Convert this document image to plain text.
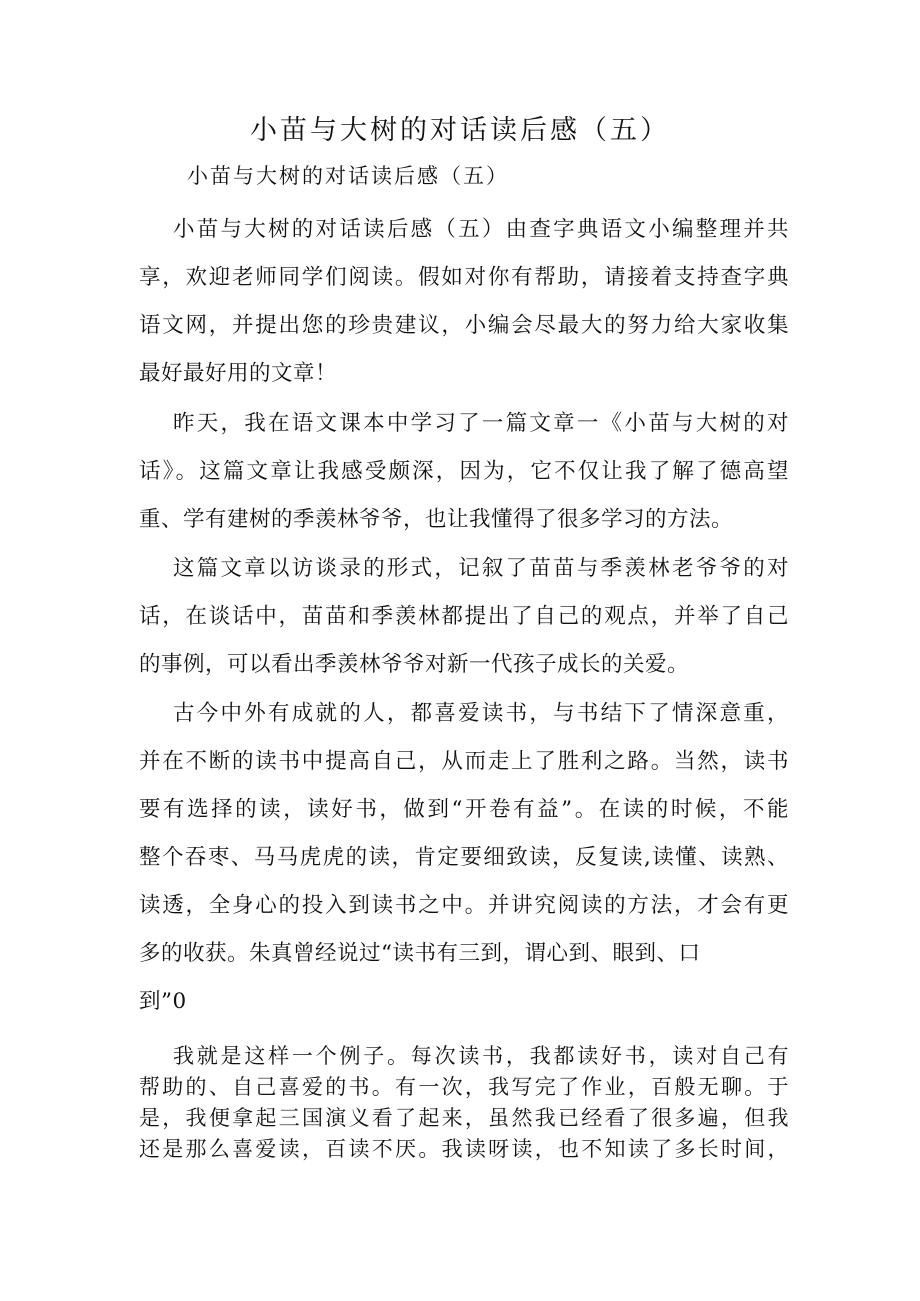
小苗与大树的对话读后感（五）
小苗与大树的对话读后感（五）
小苗与大树的对话读后感（五）由查字典语文小编整理并共
享，欢迎老师同学们阅读。假如对你有帮助，请接着支持查字典
语文网，并提出您的珍贵建议，小编会尽最大的努力给大家收集
最好最好用的文章！
昨天，我在语文课本中学习了一篇文章一《小苗与大树的对
话》。这篇文章让我感受颇深，因为，它不仅让我了解了德高望
重、学有建树的季羡林爷爷，也让我懂得了很多学习的方法。
这篇文章以访谈录的形式，记叙了苗苗与季羡林老爷爷的对
话，在谈话中，苗苗和季羡林都提出了自己的观点，并举了自己
的事例，可以看出季羡林爷爷对新一代孩子成长的关爱。
古今中外有成就的人，都喜爱读书，与书结下了情深意重，
并在不断的读书中提高自己，从而走上了胜利之路。当然，读书
要有选择的读，读好书，做到“开卷有益”。在读的时候，不能
整个吞枣、马马虎虎的读，肯定要细致读，反复读,读懂、读熟、
读透，全身心的投入到读书之中。并讲究阅读的方法，才会有更
多的收获。朱真曾经说过“读书有三到，谓心到、眼到、口
到”0
我就是这样一个例子。每次读书，我都读好书，读对自己有
帮助的、自己喜爱的书。有一次，我写完了作业，百般无聊。于
是，我便拿起三国演义看了起来，虽然我已经看了很多遍，但我
还是那么喜爱读，百读不厌。我读呀读，也不知读了多长时间，
